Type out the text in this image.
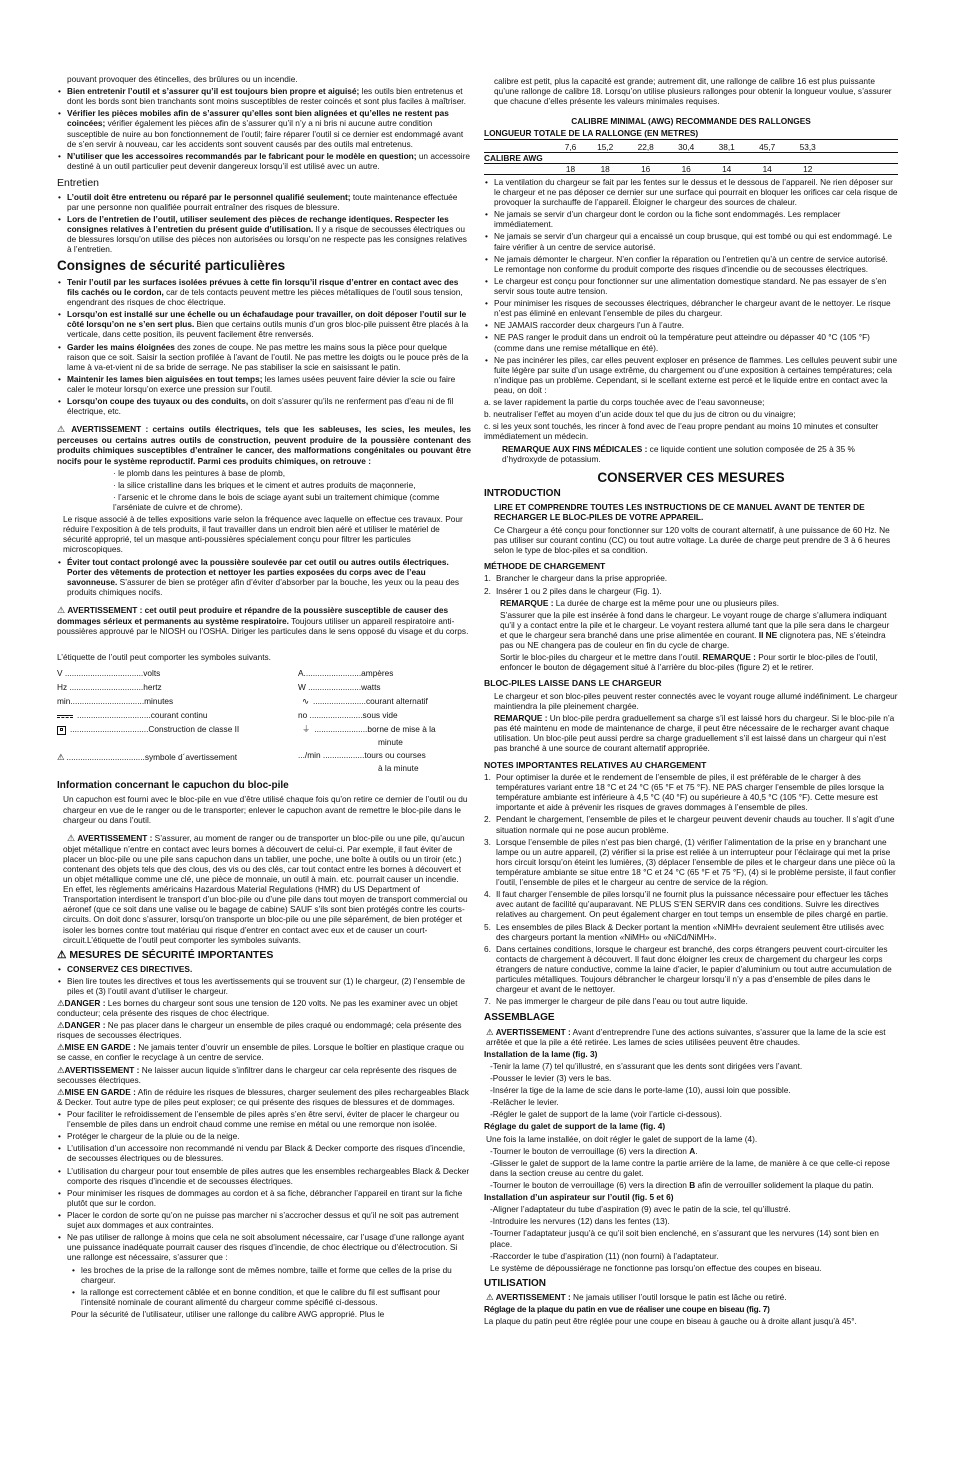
pouvant provoquer des étincelles, des brûlures ou un incendie.

• Bien entretenir l’outil et s’assurer qu’il est toujours bien propre et aiguisé; les outils bien entretenus et dont les bords sont bien tranchants sont moins susceptibles de rester coincés et sont plus faciles à maîtriser.
• Vérifier les pièces mobiles afin de s’assurer qu’elles sont bien alignées et qu’elles ne restent pas coincées; vérifier également les pièces afin de s’assurer qu’il n’y a ni bris ni aucune autre condition susceptible de nuire au bon fonctionnement de l’outil; faire réparer l’outil si ce dernier est endommagé avant de s’en servir à nouveau, car les accidents sont souvent causés par des outils mal entretenus.
• N’utiliser que les accessoires recommandés par le fabricant pour le modèle en question; un accessoire destiné à un outil particulier peut devenir dangereux lorsqu’il est utilisé avec un autre.
Entretien
• L’outil doit être entretenu ou réparé par le personnel qualifié seulement; toute maintenance effectuée par une personne non qualifiée pourrait entraîner des risques de blessure.
• Lors de l’entretien de l’outil, utiliser seulement des pièces de rechange identiques. Respecter les consignes relatives à l’entretien du présent guide d’utilisation. Il y a risque de secousses électriques ou de blessures lorsqu’on utilise des pièces non autorisées ou lorsqu’on ne respecte pas les consignes relatives à l’entretien.
Consignes de sécurité particulières
• Tenir l’outil par les surfaces isolées prévues à cette fin lorsqu’il risque d’entrer en contact avec des fils cachés ou le cordon, car de tels contacts peuvent mettre les pièces métalliques de l’outil sous tension, engendrant des risques de choc électrique.
• Lorsqu’on est installé sur une échelle ou un échafaudage pour travailler, on doit déposer l’outil sur le côté lorsqu’on ne s’en sert plus. Bien que certains outils munis d’un gros bloc-pile puissent être placés à la verticale, dans cette position, ils peuvent facilement être renversés.
• Garder les mains éloignées des zones de coupe. Ne pas mettre les mains sous la pièce pour quelque raison que ce soit. Saisir la section profilée à l’avant de l’outil. Ne pas mettre les doigts ou le pouce près de la lame à va-et-vient ni de sa bride de serrage. Ne pas stabiliser la scie en saisissant le patin.
• Maintenir les lames bien aiguisées en tout temps; les lames usées peuvent faire dévier la scie ou faire caler le moteur lorsqu’on exerce une pression sur l’outil.
• Lorsqu’on coupe des tuyaux ou des conduits, on doit s’assurer qu’ils ne renferment pas d’eau ni de fil électrique, etc.

⚠ AVERTISSEMENT : certains outils électriques, tels que les sableuses, les scies, les meules, les perceuses ou certains autres outils de construction, peuvent produire de la poussière contenant des produits chimiques susceptibles d’entraîner le cancer, des malformations congénitales ou pouvant être nocifs pour le système reproductif. Parmi ces produits chimiques, on retrouve :

· le plomb dans les peintures à base de plomb,

· la silice cristalline dans les briques et le ciment et autres produits de maçonnerie,

· l’arsenic et le chrome dans le bois de sciage ayant subi un traitement chimique (comme l’arséniate de cuivre et de chrome).

Le risque associé à de telles expositions varie selon la fréquence avec laquelle on effectue ces travaux. Pour réduire l’exposition à de tels produits, il faut travailler dans un endroit bien aéré et utiliser le matériel de sécurité approprié, tel un masque anti-poussières spécialement conçu pour filtrer les particules microscopiques.

• Éviter tout contact prolongé avec la poussière soulevée par cet outil ou autres outils électriques. Porter des vêtements de protection et nettoyer les parties exposées du corps avec de l’eau savonneuse. S’assurer de bien se protéger afin d’éviter d’absorber par la bouche, les yeux ou la peau des produits chimiques nocifs.

⚠ AVERTISSEMENT : cet outil peut produire et répandre de la poussière susceptible de causer des dommages sérieux et permanents au système respiratoire. Toujours utiliser un appareil respiratoire anti-poussières approuvé par le NIOSH ou l’OSHA. Diriger les particules dans le sens opposé du visage et du corps.

L’étiquette de l’outil peut comporter les symboles suivants.

V ..................................volts
Hz ................................hertz
min................................minutes
................................courant continu
..................................Construction de classe II
⚠ ..................................symbole d´avertissement
A.........................ampères
W .......................watts
∿ .......................courant alternatif
no .......................sous vide
⏚ .......................borne de mise à la
minute
.../min ..................tours ou courses
à la minute
Information concernant le capuchon du bloc-pile

Un capuchon est fourni avec le bloc-pile en vue d’être utilisé chaque fois qu’on retire ce dernier de l’outil ou du chargeur en vue de le ranger ou de le transporter; enlever le capuchon avant de remettre le bloc-pile dans le chargeur ou dans l’outil.

⚠ AVERTISSEMENT : S’assurer, au moment de ranger ou de transporter un bloc-pile ou une pile, qu’aucun objet métallique n’entre en contact avec leurs bornes à découvert de celui-ci. Par exemple, il faut éviter de placer un bloc-pile ou une pile sans capuchon dans un tablier, une poche, une boîte à outils ou un tiroir (etc.) contenant des objets tels que des clous, des vis ou des clés, car tout contact entre les bornes à découvert et un objet métallique comme une clé, une pièce de monnaie, un outil à main. etc. pourrait causer un incendie. En effet, les règlements américains Hazardous Material Regulations (HMR) du US Department of Transportation interdisent le transport d’un bloc-pile ou d’une pile dans tout moyen de transport commercial ou aéronef (que ce soit dans une valise ou le bagage de cabine) SAUF s’ils sont bien protégés contre les courts-circuits. On doit donc s’assurer, lorsqu’on transporte un bloc-pile ou une pile séparément, de bien protéger et isoler les bornes contre tout matériau qui risque d’entrer en contact avec eux et de causer un court-circuit.L’étiquette de l’outil peut comporter les symboles suivants.

⚠ MESURES DE SÉCURITÉ IMPORTANTES
• CONSERVEZ CES DIRECTIVES.
• Bien lire toutes les directives et tous les avertissements qui se trouvent sur (1) le chargeur, (2) l’ensemble de piles et (3) l’outil avant d’utiliser le chargeur.

⚠DANGER : Les bornes du chargeur sont sous une tension de 120 volts. Ne pas les examiner avec un objet conducteur; cela présente des risques de choc électrique.

⚠DANGER : Ne pas placer dans le chargeur un ensemble de piles craqué ou endommagé; cela présente des risques de secousses électriques.

⚠MISE EN GARDE : Ne jamais tenter d’ouvrir un ensemble de piles. Lorsque le boîtier en plastique craque ou se casse, en confier le recyclage à un centre de service.

⚠AVERTISSEMENT : Ne laisser aucun liquide s’infiltrer dans le chargeur car cela représente des risques de secousses électriques.

⚠MISE EN GARDE : Afin de réduire les risques de blessures, charger seulement des piles rechargeables Black & Decker. Tout autre type de piles peut exploser; ce qui présente des risques de blessures et de dommages.

• Pour faciliter le refroidissement de l’ensemble de piles après s’en être servi, éviter de placer le chargeur ou l’ensemble de piles dans un endroit chaud comme une remise en métal ou une remorque non isolée.
• Protéger le chargeur de la pluie ou de la neige.
• L’utilisation d’un accessoire non recommandé ni vendu par Black & Decker comporte des risques d’incendie, de secousses électriques ou de blessures.
• L’utilisation du chargeur pour tout ensemble de piles autres que les ensembles rechargeables Black & Decker comporte des risques d’incendie et de secousses électriques.
• Pour minimiser les risques de dommages au cordon et à sa fiche, débrancher l’appareil en tirant sur la fiche plutôt que sur le cordon.
• Placer le cordon de sorte qu’on ne puisse pas marcher ni s’accrocher dessus et qu’il ne soit pas autrement sujet aux dommages et aux contraintes.
• Ne pas utiliser de rallonge à moins que cela ne soit absolument nécessaire, car l’usage d’une rallonge ayant une puissance inadéquate pourrait causer des risques d’incendie, de choc électrique ou d’électrocution. Si une rallonge est nécessaire, s’assurer que :
• les broches de la prise de la rallonge sont de mêmes nombre, taille et forme que celles de la prise du chargeur.
• la rallonge est correctement câblée et en bonne condition, et que le calibre du fil est suffisant pour l’intensité nominale de courant alimenté du chargeur comme spécifié ci-dessous.

Pour la sécurité de l’utilisateur, utiliser une rallonge du calibre AWG approprié. Plus le

calibre est petit, plus la capacité est grande; autrement dit, une rallonge de calibre 16 est plus puissante qu’une rallonge de calibre 18. Lorsqu’on utilise plusieurs rallonges pour obtenir la longueur voulue, s’assurer que chacune d’elles présente les valeurs minimales requises.

CALIBRE MINIMAL (AWG) RECOMMANDE DES RALLONGES

LONGUEUR TOTALE DE LA RALLONGE (EN METRES)

	7,6	15,2	22,8	30,4	38,1	45,7	53,3	
CALIBRE AWG								
	18	18	16	16	14	14	12	
• La ventilation du chargeur se fait par les fentes sur le dessus et le dessous de l’appareil. Ne rien déposer sur le chargeur et ne pas déposer ce dernier sur une surface qui pourrait en bloquer les orifices car cela risque de provoquer la surchauffe de l’appareil. Éloigner le chargeur des sources de chaleur.
• Ne jamais se servir d’un chargeur dont le cordon ou la fiche sont endommagés. Les remplacer immédiatement.
• Ne jamais se servir d’un chargeur qui a encaissé un coup brusque, qui est tombé ou qui est endommagé. Le faire vérifier à un centre de service autorisé.
• Ne jamais démonter le chargeur. N’en confier la réparation ou l’entretien qu’à un centre de service autorisé. Le remontage non conforme du produit comporte des risques d’incendie ou de secousses électriques.
• Le chargeur est conçu pour fonctionner sur une alimentation domestique standard. Ne pas essayer de s’en servir sous toute autre tension.
• Pour minimiser les risques de secousses électriques, débrancher le chargeur avant de le nettoyer. Le risque n’est pas éliminé en enlevant l’ensemble de piles du chargeur.
• NE JAMAIS raccorder deux chargeurs l’un à l’autre.
• NE PAS ranger le produit dans un endroit où la température peut atteindre ou dépasser 40 °C (105 °F) (comme dans une remise métallique en été).
• Ne pas incinérer les piles, car elles peuvent exploser en présence de flammes. Les cellules peuvent subir une fuite légère par suite d’un usage extrême, du chargement ou d’une exposition à certaines températures; cela n’indique pas un problème. Cependant, si le scellant externe est percé et le liquide entre en contact avec la peau, on doit :

a. se laver rapidement la partie du corps touchée avec de l’eau savonneuse;

b. neutraliser l’effet au moyen d’un acide doux tel que du jus de citron ou du vinaigre;

c. si les yeux sont touchés, les rincer à fond avec de l’eau propre pendant au moins 10 minutes et consulter immédiatement un médecin.

REMARQUE AUX FINS MÉDICALES : ce liquide contient une solution composée de 25 à 35 % d’hydroxyde de potassium.

CONSERVER CES MESURES
INTRODUCTION

LIRE ET COMPRENDRE TOUTES LES INSTRUCTIONS DE CE MANUEL AVANT DE TENTER DE RECHARGER LE BLOC-PILES DE VOTRE APPAREIL.

Ce Chargeur a été conçu pour fonctionner sur 120 volts de courant alternatif, à une puissance de 60 Hz. Ne pas utiliser sur courant continu (CC) ou tout autre voltage. La durée de charge peut prendre de 3 à 6 heures selon le type de bloc-piles et sa condition.

MÉTHODE DE CHARGEMENT
1. Brancher le chargeur dans la prise appropriée.
2. Insérer 1 ou 2 piles dans le chargeur (Fig. 1).

REMARQUE : La durée de charge est la même pour une ou plusieurs piles.

S’assurer que la pile est insérée à fond dans le chargeur. Le voyant rouge de charge s’allumera indiquant qu’il y a contact entre la pile et le chargeur. Le voyant restera allumé tant que la pile sera dans le chargeur et que le chargeur sera branché dans une prise alimentée en courant. Il NE clignotera pas, NE s’éteindra pas ou NE changera pas de couleur en fin du cycle de charge.

Sortir le bloc-piles du chargeur et le mettre dans l’outil. REMARQUE : Pour sortir le bloc-piles de l’outil, enfoncer le bouton de dégagement situé à l’arrière du bloc-piles (figure 2) et le retirer.

BLOC-PILES LAISSE DANS LE CHARGEUR

Le chargeur et son bloc-piles peuvent rester connectés avec le voyant rouge allumé indéfiniment. Le chargeur maintiendra la pile pleinement chargée.

REMARQUE : Un bloc-pile perdra graduellement sa charge s’il est laissé hors du chargeur. Si le bloc-pile n’a pas été maintenu en mode de maintenance de charge, il peut être nécessaire de le recharger avant chaque utilisation. Un bloc-pile peut aussi perdre sa charge graduellement s’il est laissé dans un chargeur qui n’est pas branché à une source de courant alternatif appropriée.

NOTES IMPORTANTES RELATIVES AU CHARGEMENT
1. Pour optimiser la durée et le rendement de l’ensemble de piles, il est préférable de le charger à des températures variant entre 18 °C et 24 °C (65 °F et 75 °F). NE PAS charger l’ensemble de piles lorsque la température ambiante est inférieure à 4,5 °C (40 °F) ou supérieure à 40,5 °C (105 °F). Cette mesure est importante et aide à prévenir les risques de graves dommages à l’ensemble de piles.
2. Pendant le chargement, l’ensemble de piles et le chargeur peuvent devenir chauds au toucher. Il s’agit d’une situation normale qui ne pose aucun problème.
3. Lorsque l’ensemble de piles n’est pas bien chargé, (1) vérifier l’alimentation de la prise en y branchant une lampe ou un autre appareil, (2) vérifier si la prise est reliée à un interrupteur pour l’éclairage qui met la prise hors circuit lorsqu’on éteint les lumières, (3) déplacer l’ensemble de piles et le chargeur dans une pièce où la température ambiante se situe entre 18 °C et 24 °C (65 °F et 75 °F), (4) si le problème persiste, il faut confier l’outil, l’ensemble de piles et le chargeur au centre de service de la région.
4. Il faut charger l’ensemble de piles lorsqu’il ne fournit plus la puissance nécessaire pour effectuer les tâches avec autant de facilité qu’auparavant. NE PLUS S’EN SERVIR dans ces conditions. Suivre les directives relatives au chargement. On peut également charger en tout temps un ensemble de piles chargé en partie.
5. Les ensembles de piles Black & Decker portant la mention «NiMH» devraient seulement être utilisés avec des chargeurs portant la mention «NiMH» ou «NiCd/NiMH».
6. Dans certaines conditions, lorsque le chargeur est branché, des corps étrangers peuvent court-circuiter les contacts de chargement à découvert. Il faut donc éloigner les creux de chargement du chargeur les corps étrangers de nature conductive, comme la laine d’acier, le papier d’aluminium ou tout autre accumulation de particules métalliques. Toujours débrancher le chargeur lorsqu’il n’y a pas d’ensemble de piles dans le chargeur et avant de le nettoyer.
7. Ne pas immerger le chargeur de pile dans l’eau ou tout autre liquide.
ASSEMBLAGE

⚠ AVERTISSEMENT : Avant d’entreprendre l’une des actions suivantes, s’assurer que la lame de la scie est arrêtée et que la pile a été retirée. Les lames de scies utilisées peuvent être chaudes.

Installation de la lame (fig. 3)

-Tenir la lame (7) tel qu’illustré, en s’assurant que les dents sont dirigées vers l’avant.

-Pousser le levier (3) vers le bas.

-Insérer la tige de la lame de scie dans le porte-lame (10), aussi loin que possible.

-Relâcher le levier.

-Régler le galet de support de la lame (voir l’article ci-dessous).

Réglage du galet de support de la lame (fig. 4)

Une fois la lame installée, on doit régler le galet de support de la lame (4).

-Tourner le bouton de verrouillage (6) vers la direction A.

-Glisser le galet de support de la lame contre la partie arrière de la lame, de manière à ce que celle-ci repose dans la section creuse au centre du galet.

-Tourner le bouton de verrouillage (6) vers la direction B afin de verrouiller solidement la plaque du patin.

Installation d’un aspirateur sur l’outil (fig. 5 et 6)

-Aligner l’adaptateur du tube d’aspiration (9) avec le patin de la scie, tel qu’illustré.

-Introduire les nervures (12) dans les fentes (13).

-Tourner l’adaptateur jusqu’à ce qu’il soit bien enclenché, en s’assurant que les nervures (14) sont bien en place.

-Raccorder le tube d’aspiration (11) (non fourni) à l’adaptateur.

Le système de dépoussiérage ne fonctionne pas lorsqu’on effectue des coupes en biseau.

UTILISATION

⚠ AVERTISSEMENT : Ne jamais utiliser l’outil lorsque le patin est lâche ou retiré.

Réglage de la plaque du patin en vue de réaliser une coupe en biseau (fig. 7)

La plaque du patin peut être réglée pour une coupe en biseau à gauche ou à droite allant jusqu’à 45°.
